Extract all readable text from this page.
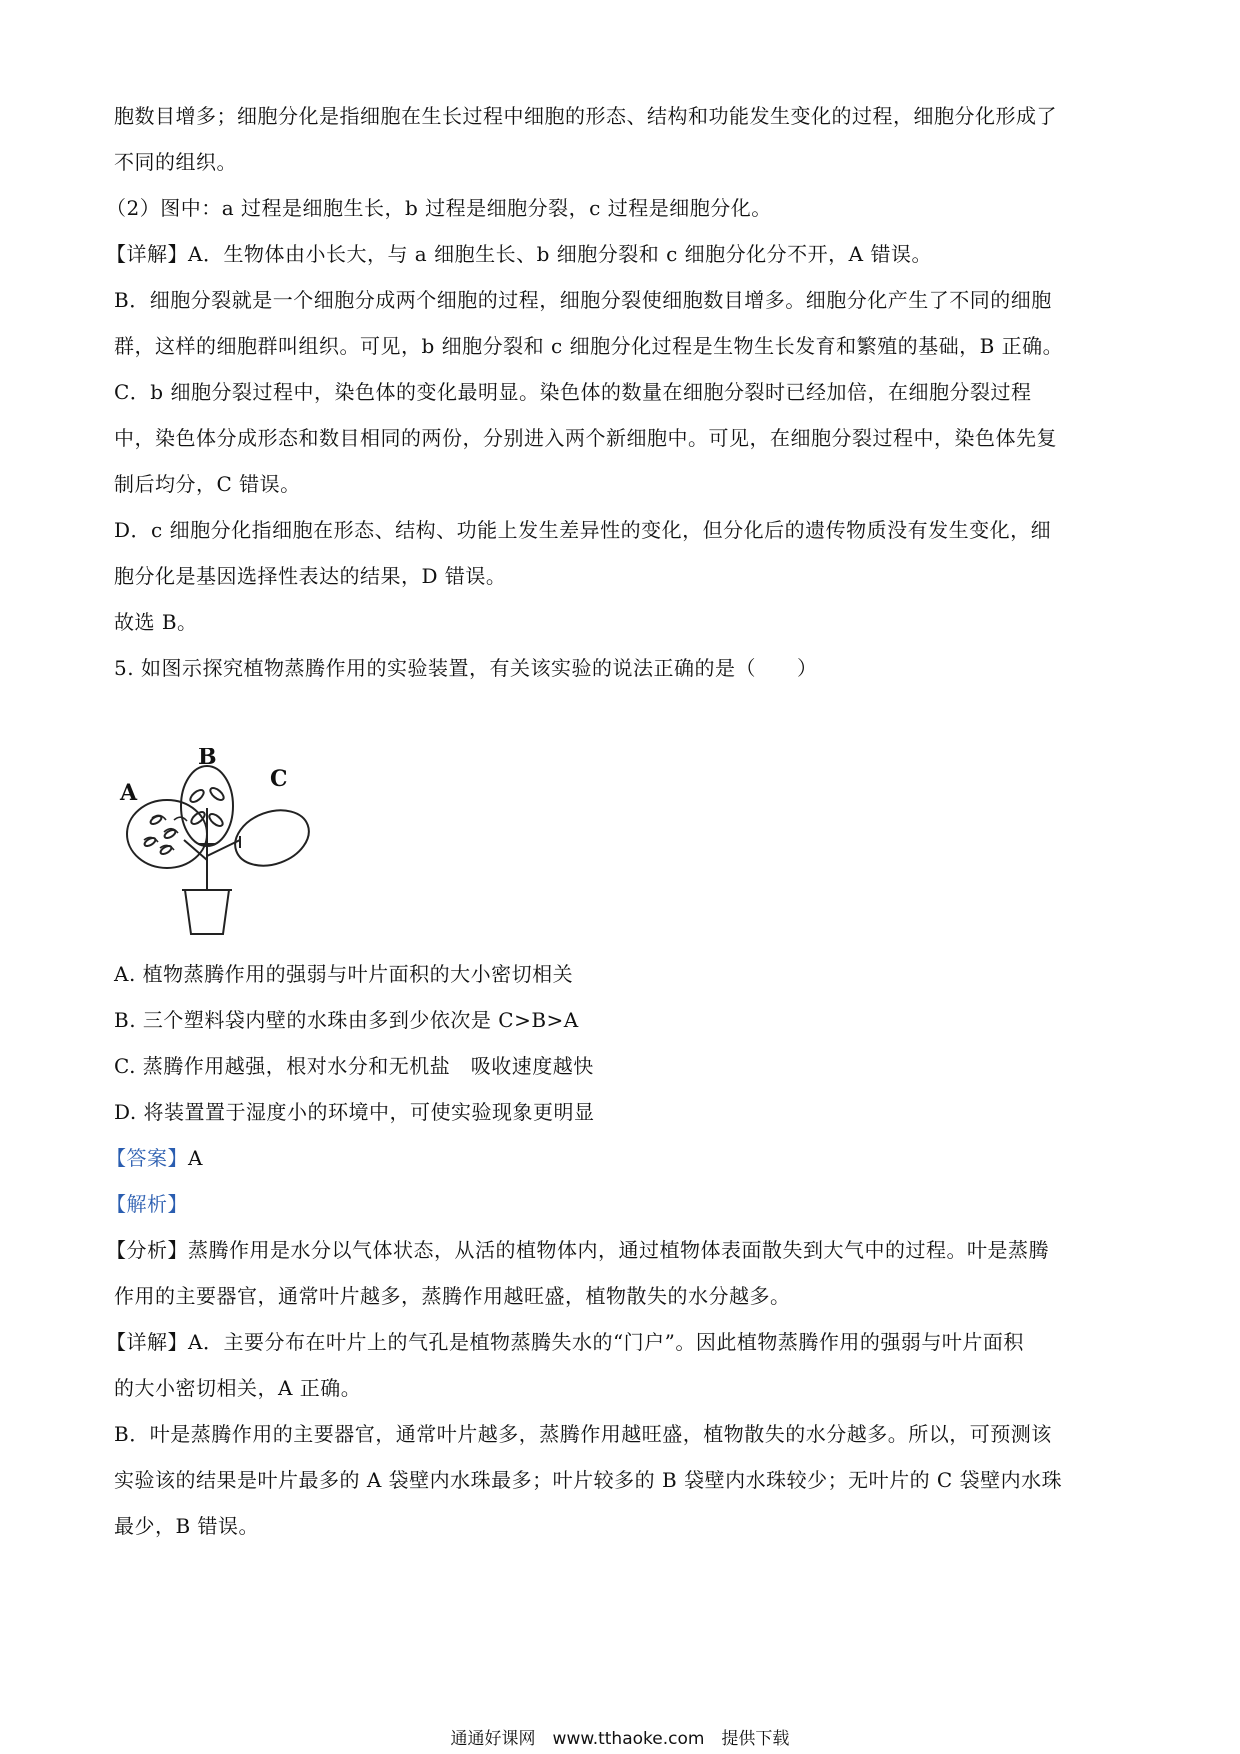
胞数目增多；细胞分化是指细胞在生长过程中细胞的形态、结构和功能发生变化的过程，细胞分化形成了
不同的组织。
（2）图中：a 过程是细胞生长，b 过程是细胞分裂，c 过程是细胞分化。
【详解】A．生物体由小长大，与 a 细胞生长、b 细胞分裂和 c 细胞分化分不开，A 错误。
B．细胞分裂就是一个细胞分成两个细胞的过程，细胞分裂使细胞数目增多。细胞分化产生了不同的细胞
群，这样的细胞群叫组织。可见，b 细胞分裂和 c 细胞分化过程是生物生长发育和繁殖的基础，B 正确。
C．b 细胞分裂过程中，染色体的变化最明显。染色体的数量在细胞分裂时已经加倍，在细胞分裂过程
中，染色体分成形态和数目相同的两份，分别进入两个新细胞中。可见，在细胞分裂过程中，染色体先复
制后均分，C 错误。
D．c 细胞分化指细胞在形态、结构、功能上发生差异性的变化，但分化后的遗传物质没有发生变化，细
胞分化是基因选择性表达的结果，D 错误。
故选 B。
5. 如图示探究植物蒸腾作用的实验装置，有关该实验的说法正确的是（　　）
A
B
C
A. 植物蒸腾作用的强弱与叶片面积的大小密切相关
B. 三个塑料袋内壁的水珠由多到少依次是 C>B>A
C. 蒸腾作用越强，根对水分和无机盐　吸收速度越快
D. 将装置置于湿度小的环境中，可使实验现象更明显
【答案】A
【解析】
【分析】蒸腾作用是水分以气体状态，从活的植物体内，通过植物体表面散失到大气中的过程。叶是蒸腾
作用的主要器官，通常叶片越多，蒸腾作用越旺盛，植物散失的水分越多。
【详解】A．主要分布在叶片上的气孔是植物蒸腾失水的“门户”。因此植物蒸腾作用的强弱与叶片面积
的大小密切相关，A 正确。
B．叶是蒸腾作用的主要器官，通常叶片越多，蒸腾作用越旺盛，植物散失的水分越多。所以，可预测该
实验该的结果是叶片最多的 A 袋壁内水珠最多；叶片较多的 B 袋壁内水珠较少；无叶片的 C 袋壁内水珠
最少，B 错误。
通通好课网　www.tthaoke.com　提供下载
